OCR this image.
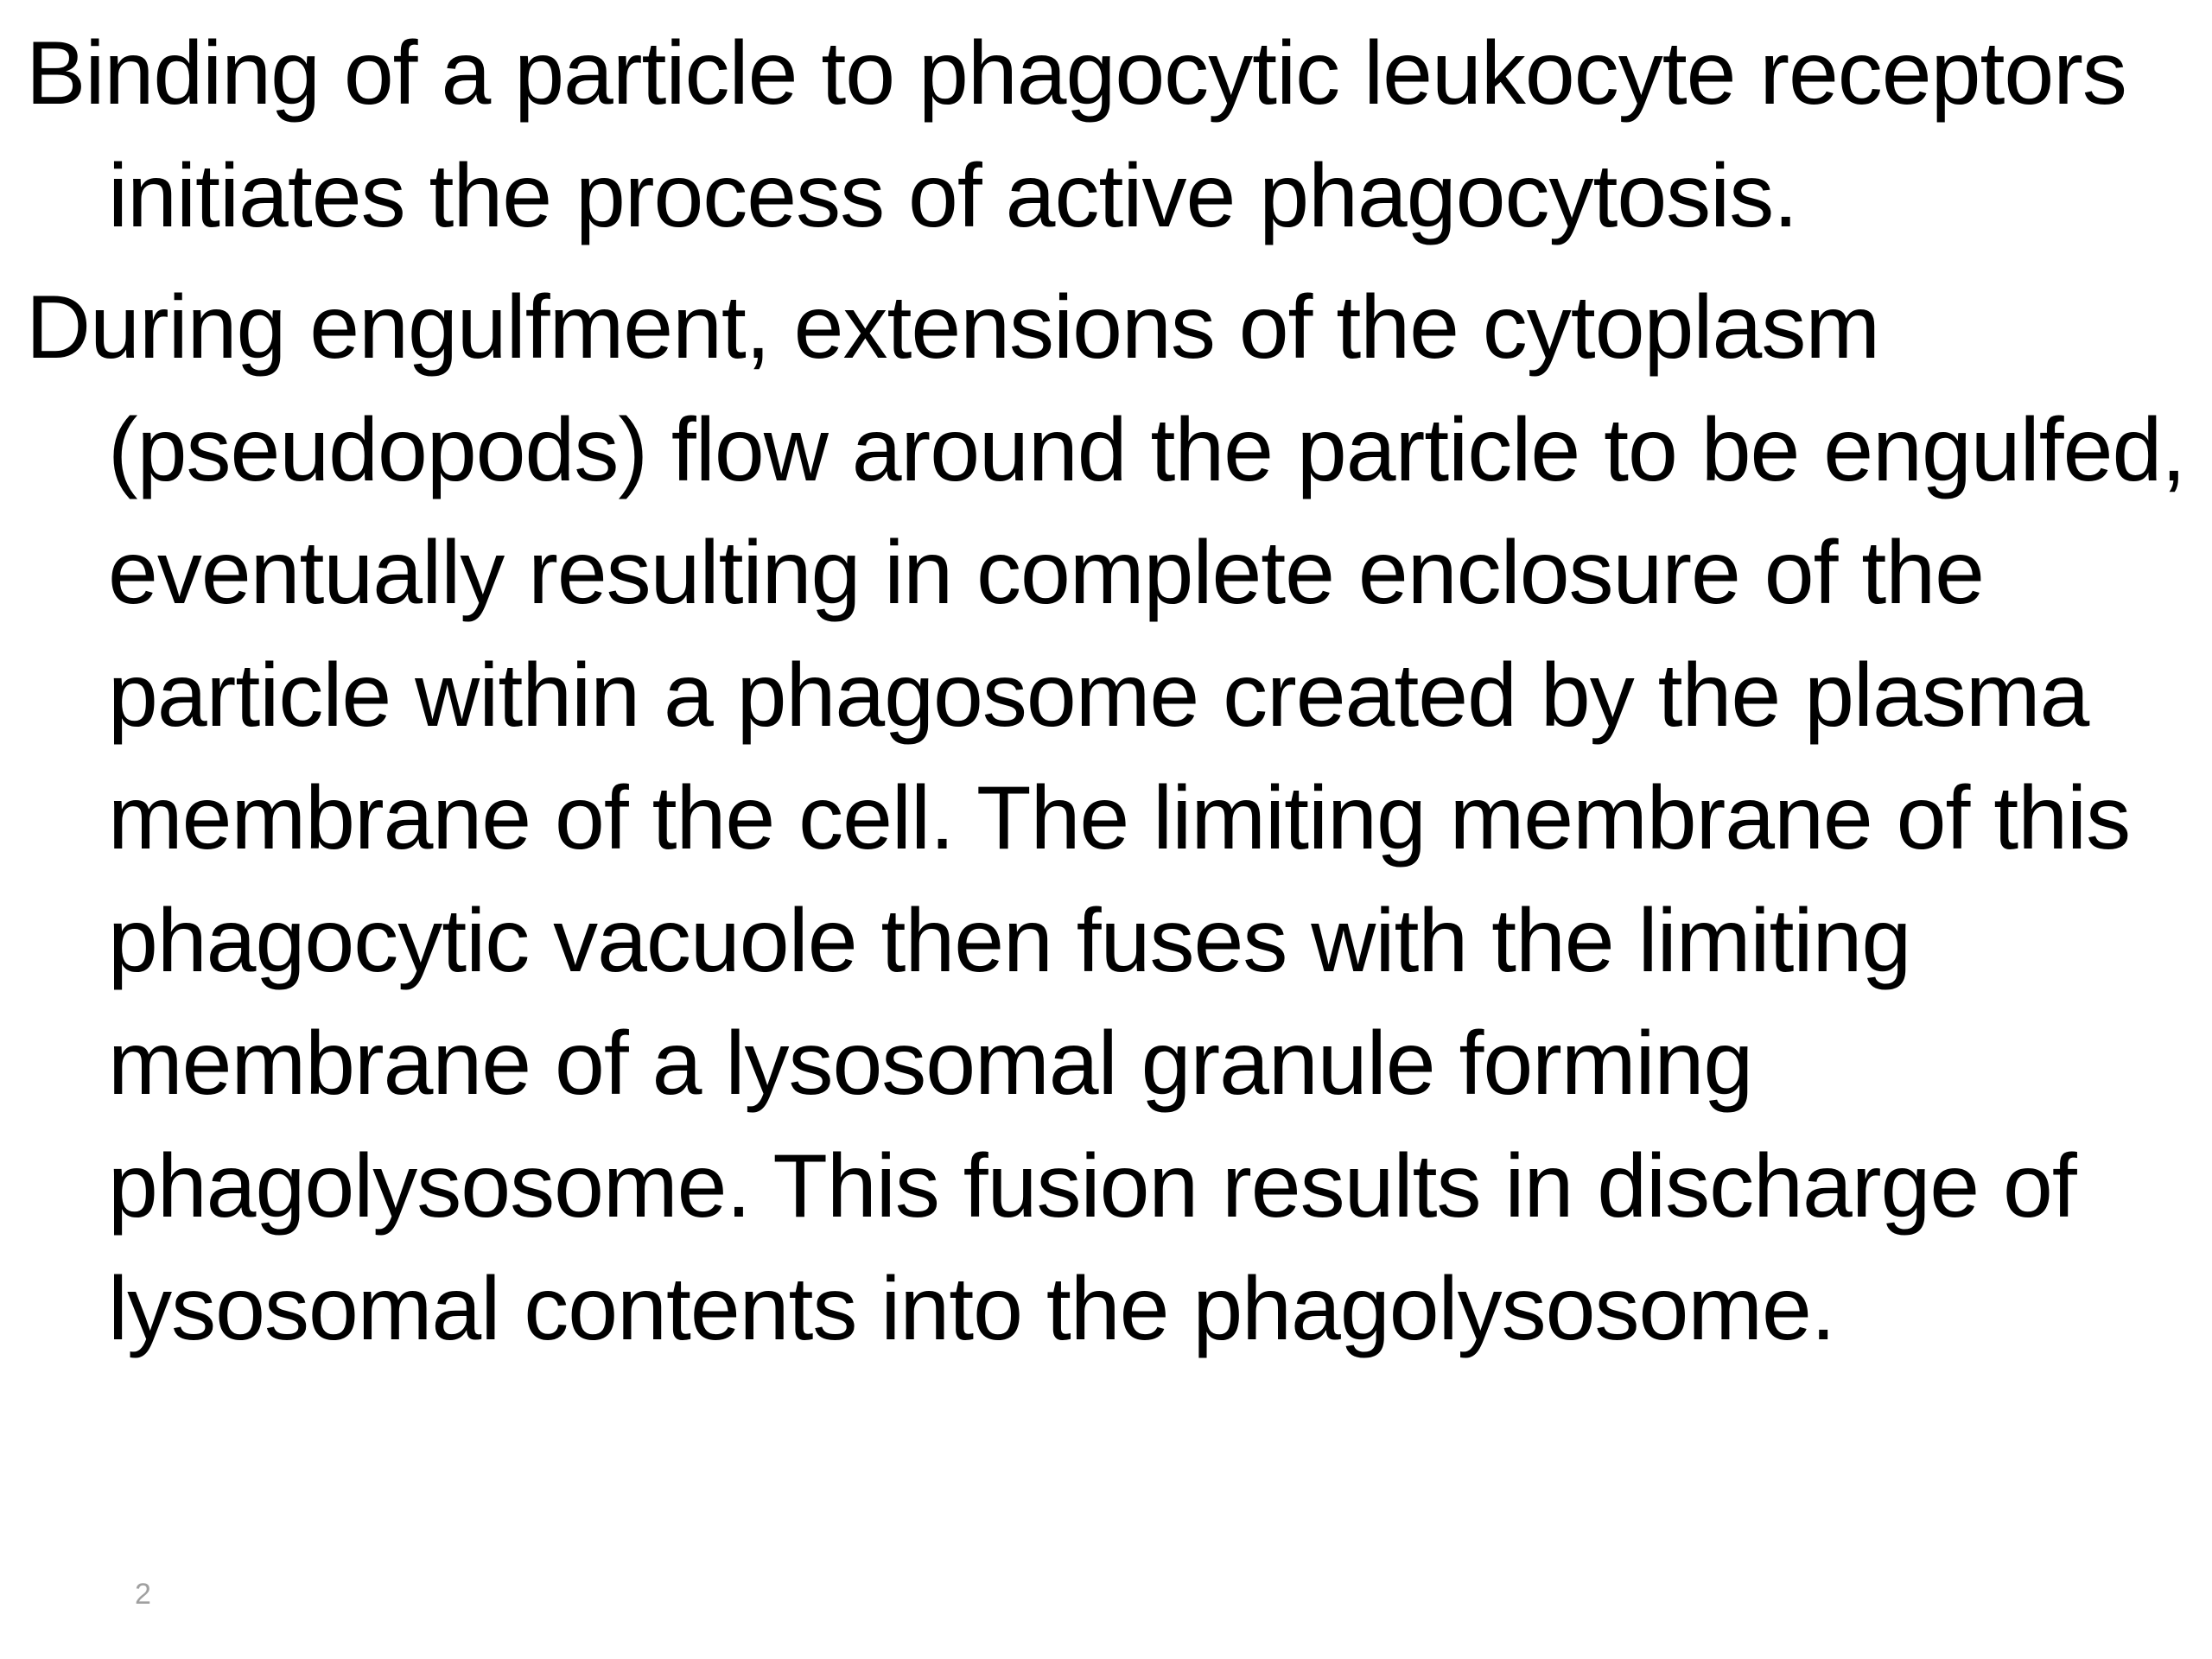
Binding of a particle to phagocytic leukocyte receptors initiates the process of active phagocytosis.

During engulfment, extensions of the cytoplasm (pseudopods) flow around the particle to be engulfed, eventually resulting in complete enclosure of the particle within a phagosome created by the plasma membrane of the cell. The limiting membrane of this phagocytic vacuole then fuses with the limiting membrane of a lysosomal granule forming phagolysosome. This fusion results in discharge of lysosomal contents into the phagolysosome.

2
